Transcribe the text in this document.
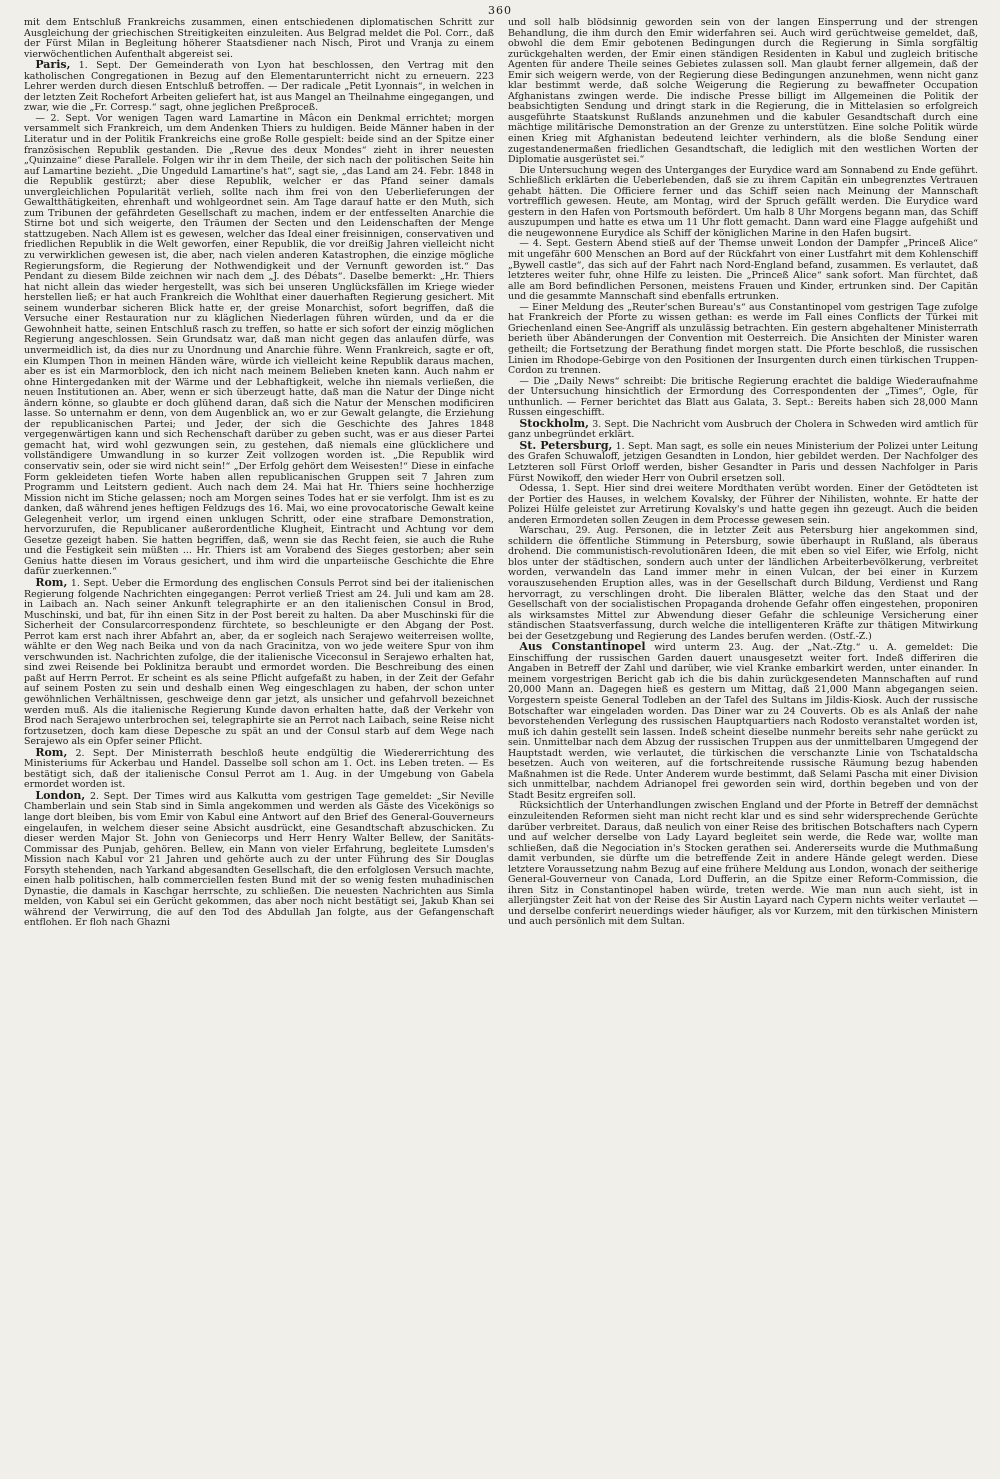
360

mit dem Entschluß Frankreichs zusammen, einen entschiedenen diplomatischen Schritt zur Ausgleichung der griechischen Streitigkeiten einzuleiten. Aus Belgrad meldet die Pol. Corr., daß der Fürst Milan in Begleitung höherer Staatsdiener nach Nisch, Pirot und Vranja zu einem vierwöchentlichen Aufenthalt abgereist sei.

Paris, 1. Sept. Der Gemeinderath von Lyon hat beschlossen, den Vertrag mit den katholischen Congregationen in Bezug auf den Elementarunterricht nicht zu erneuern. 223 Lehrer werden durch diesen Entschluß betroffen. — Der radicale „Petit Lyonnais“, in welchen in der letzten Zeit Rochefort Arbeiten geliefert hat, ist aus Mangel an Theilnahme eingegangen, und zwar, wie die „Fr. Corresp.“ sagt, ohne jeglichen Preßproceß.

— 2. Sept. Vor wenigen Tagen ward Lamartine in Mâcon ein Denkmal errichtet; morgen versammelt sich Frankreich, um dem Andenken Thiers zu huldigen. Beide Männer haben in der Literatur und in der Politik Frankreichs eine große Rolle gespielt: beide sind an der Spitze einer französischen Republik gestanden. Die „Revue des deux Mondes“ zieht in ihrer neuesten „Quinzaine“ diese Parallele. Folgen wir ihr in dem Theile, der sich nach der politischen Seite hin auf Lamartine bezieht. „Die Ungeduld Lamartine's hat“, sagt sie, „das Land am 24. Febr. 1848 in die Republik gestürzt; aber diese Republik, welcher er das Pfand seiner damals unvergleichlichen Popularität verlieh, sollte nach ihm frei von den Ueberlieferungen der Gewaltthätigkeiten, ehrenhaft und wohlgeordnet sein. Am Tage darauf hatte er den Muth, sich zum Tribunen der gefährdeten Gesellschaft zu machen, indem er der entfesselten Anarchie die Stirne bot und sich weigerte, den Träumen der Secten und den Leidenschaften der Menge stattzugeben. Nach Allem ist es gewesen, welcher das Ideal einer freisinnigen, conservativen und friedlichen Republik in die Welt geworfen, einer Republik, die vor dreißig Jahren vielleicht nicht zu verwirklichen gewesen ist, die aber, nach vielen anderen Katastrophen, die einzige mögliche Regierungsform, die Regierung der Nothwendigkeit und der Vernunft geworden ist.“ Das Pendant zu diesem Bilde zeichnen wir nach dem „J. des Débats“. Daselbe bemerkt: „Hr. Thiers hat nicht allein das wieder hergestellt, was sich bei unseren Unglücksfällen im Kriege wieder herstellen ließ; er hat auch Frankreich die Wohlthat einer dauerhaften Regierung gesichert. Mit seinem wunderbar sicheren Blick hatte er, der greise Monarchist, sofort begriffen, daß die Versuche einer Restauration nur zu kläglichen Niederlagen führen würden, und da er die Gewohnheit hatte, seinen Entschluß rasch zu treffen, so hatte er sich sofort der einzig möglichen Regierung angeschlossen. Sein Grundsatz war, daß man nicht gegen das anlaufen dürfe, was unvermeidlich ist, da dies nur zu Unordnung und Anarchie führe. Wenn Frankreich, sagte er oft, ein Klumpen Thon in meinen Händen wäre, würde ich vielleicht keine Republik daraus machen, aber es ist ein Marmorblock, den ich nicht nach meinem Belieben kneten kann. Auch nahm er ohne Hintergedanken mit der Wärme und der Lebhaftigkeit, welche ihn niemals verließen, die neuen Institutionen an. Aber, wenn er sich überzeugt hatte, daß man die Natur der Dinge nicht ändern könne, so glaubte er doch glühend daran, daß sich die Natur der Menschen modificiren lasse. So unternahm er denn, von dem Augenblick an, wo er zur Gewalt gelangte, die Erziehung der republicanischen Partei; und Jeder, der sich die Geschichte des Jahres 1848 vergegenwärtigen kann und sich Rechenschaft darüber zu geben sucht, was er aus dieser Partei gemacht hat, wird wohl gezwungen sein, zu gestehen, daß niemals eine glücklichere und vollständigere Umwandlung in so kurzer Zeit vollzogen worden ist. „Die Republik wird conservativ sein, oder sie wird nicht sein!“ „Der Erfolg gehört dem Weisesten!“ Diese in einfache Form gekleideten tiefen Worte haben allen republicanischen Gruppen seit 7 Jahren zum Programm und Leitstern gedient. Auch nach dem 24. Mai hat Hr. Thiers seine hochherzige Mission nicht im Stiche gelassen; noch am Morgen seines Todes hat er sie verfolgt. Ihm ist es zu danken, daß während jenes heftigen Feldzugs des 16. Mai, wo eine provocatorische Gewalt keine Gelegenheit verlor, um irgend einen unklugen Schritt, oder eine strafbare Demonstration, hervorzurufen, die Republicaner außerordentliche Klugheit, Eintracht und Achtung vor dem Gesetze gezeigt haben. Sie hatten begriffen, daß, wenn sie das Recht feien, sie auch die Ruhe und die Festigkeit sein müßten ... Hr. Thiers ist am Vorabend des Sieges gestorben; aber sein Genius hatte diesen im Voraus gesichert, und ihm wird die unparteiische Geschichte die Ehre dafür zuerkennen.“

Rom, 1. Sept. Ueber die Ermordung des englischen Consuls Perrot sind bei der italienischen Regierung folgende Nachrichten eingegangen: Perrot verließ Triest am 24. Juli und kam am 28. in Laibach an. Nach seiner Ankunft telegraphirte er an den italienischen Consul in Brod, Muschinski, und bat, für ihn einen Sitz in der Post bereit zu halten. Da aber Muschinski für die Sicherheit der Consularcorrespondenz fürchtete, so beschleunigte er den Abgang der Post. Perrot kam erst nach ihrer Abfahrt an, aber, da er sogleich nach Serajewo weiterreisen wollte, wählte er den Weg nach Beika und von da nach Gracinitza, von wo jede weitere Spur von ihm verschwunden ist. Nachrichten zufolge, die der italienische Viceconsul in Serajewo erhalten hat, sind zwei Reisende bei Poklinitza beraubt und ermordet worden. Die Beschreibung des einen paßt auf Herrn Perrot. Er scheint es als seine Pflicht aufgefaßt zu haben, in der Zeit der Gefahr auf seinem Posten zu sein und deshalb einen Weg eingeschlagen zu haben, der schon unter gewöhnlichen Verhältnissen, geschweige denn gar jetzt, als unsicher und gefahrvoll bezeichnet werden muß. Als die italienische Regierung Kunde davon erhalten hatte, daß der Verkehr von Brod nach Serajewo unterbrochen sei, telegraphirte sie an Perrot nach Laibach, seine Reise nicht fortzusetzen, doch kam diese Depesche zu spät an und der Consul starb auf dem Wege nach Serajewo als ein Opfer seiner Pflicht.

Rom, 2. Sept. Der Ministerrath beschloß heute endgültig die Wiedererrichtung des Ministeriums für Ackerbau und Handel. Dasselbe soll schon am 1. Oct. ins Leben treten. — Es bestätigt sich, daß der italienische Consul Perrot am 1. Aug. in der Umgebung von Gabela ermordet worden ist.

London, 2. Sept. Der Times wird aus Kalkutta vom gestrigen Tage gemeldet: „Sir Neville Chamberlain und sein Stab sind in Simla angekommen und werden als Gäste des Vicekönigs so lange dort bleiben, bis vom Emir von Kabul eine Antwort auf den Brief des General-Gouverneurs eingelaufen, in welchem dieser seine Absicht ausdrückt, eine Gesandtschaft abzuschicken. Zu dieser werden Major St. John von Geniecorps und Herr Henry Walter Bellew, der Sanitäts-Commissar des Punjab, gehören. Bellew, ein Mann von vieler Erfahrung, begleitete Lumsden's Mission nach Kabul vor 21 Jahren und gehörte auch zu der unter Führung des Sir Douglas Forsyth stehenden, nach Yarkand abgesandten Gesellschaft, die den erfolglosen Versuch machte, einen halb politischen, halb commerciellen festen Bund mit der so wenig festen muhadinischen Dynastie, die damals in Kaschgar herrschte, zu schließen. Die neuesten Nachrichten aus Simla melden, von Kabul sei ein Gerücht gekommen, das aber noch nicht bestätigt sei, Jakub Khan sei während der Verwirrung, die auf den Tod des Abdullah Jan folgte, aus der Gefangenschaft entflohen. Er floh nach Ghazni

und soll halb blödsinnig geworden sein von der langen Einsperrung und der strengen Behandlung, die ihm durch den Emir widerfahren sei. Auch wird gerüchtweise gemeldet, daß, obwohl die dem Emir gebotenen Bedingungen durch die Regierung in Simla sorgfältig zurückgehalten werden, der Emir einen ständigen Residenten in Kabul und zugleich britische Agenten für andere Theile seines Gebietes zulassen soll. Man glaubt ferner allgemein, daß der Emir sich weigern werde, von der Regierung diese Bedingungen anzunehmen, wenn nicht ganz klar bestimmt werde, daß solche Weigerung die Regierung zu bewaffneter Occupation Afghanistans zwingen werde. Die indische Presse billigt im Allgemeinen die Politik der beabsichtigten Sendung und dringt stark in die Regierung, die in Mittelasien so erfolgreich ausgeführte Staatskunst Rußlands anzunehmen und die kabuler Gesandtschaft durch eine mächtige militärische Demonstration an der Grenze zu unterstützen. Eine solche Politik würde einen Krieg mit Afghanistan bedeutend leichter verhindern, als die bloße Sendung einer zugestandenermaßen friedlichen Gesandtschaft, die lediglich mit den westlichen Worten der Diplomatie ausgerüstet sei.“

Die Untersuchung wegen des Unterganges der Eurydice ward am Sonnabend zu Ende geführt. Schließlich erklärten die Ueberlebenden, daß sie zu ihrem Capitän ein unbegrenztes Vertrauen gehabt hätten. Die Officiere ferner und das Schiff seien nach Meinung der Mannschaft vortrefflich gewesen. Heute, am Montag, wird der Spruch gefällt werden. Die Eurydice ward gestern in den Hafen von Portsmouth befördert. Um halb 8 Uhr Morgens begann man, das Schiff auszupumpen und hatte es etwa um 11 Uhr flott gemacht. Dann ward eine Flagge aufgehißt und die neugewonnene Eurydice als Schiff der königlichen Marine in den Hafen bugsirt.

— 4. Sept. Gestern Abend stieß auf der Themse unweit London der Dampfer „Princeß Alice“ mit ungefähr 600 Menschen an Bord auf der Rückfahrt von einer Lustfahrt mit dem Kohlenschiff „Bywell castle“, das sich auf der Fahrt nach Nord-England befand, zusammen. Es verlautet, daß letzteres weiter fuhr, ohne Hilfe zu leisten. Die „Princeß Alice“ sank sofort. Man fürchtet, daß alle am Bord befindlichen Personen, meistens Frauen und Kinder, ertrunken sind. Der Capitän und die gesammte Mannschaft sind ebenfalls ertrunken.

— Einer Meldung des „Reuter'schen Bureau's“ aus Constantinopel vom gestrigen Tage zufolge hat Frankreich der Pforte zu wissen gethan: es werde im Fall eines Conflicts der Türkei mit Griechenland einen See-Angriff als unzulässig betrachten. Ein gestern abgehaltener Ministerrath berieth über Abänderungen der Convention mit Oesterreich. Die Ansichten der Minister waren getheilt; die Fortsetzung der Berathung findet morgen statt. Die Pforte beschloß, die russischen Linien im Rhodope-Gebirge von den Positionen der Insurgenten durch einen türkischen Truppen-Cordon zu trennen.

— Die „Daily News“ schreibt: Die britische Regierung erachtet die baldige Wiederaufnahme der Untersuchung hinsichtlich der Ermordung des Correspondenten der „Times“, Ogle, für unthunlich. — Ferner berichtet das Blatt aus Galata, 3. Sept.: Bereits haben sich 28,000 Mann Russen eingeschifft.

Stockholm, 3. Sept. Die Nachricht vom Ausbruch der Cholera in Schweden wird amtlich für ganz unbegründet erklärt.

St. Petersburg, 1. Sept. Man sagt, es solle ein neues Ministerium der Polizei unter Leitung des Grafen Schuwaloff, jetzigen Gesandten in London, hier gebildet werden. Der Nachfolger des Letzteren soll Fürst Orloff werden, bisher Gesandter in Paris und dessen Nachfolger in Paris Fürst Nowikoff, den wieder Herr von Oubril ersetzen soll.

Odessa, 1. Sept. Hier sind drei weitere Mordthaten verübt worden. Einer der Getödteten ist der Portier des Hauses, in welchem Kovalsky, der Führer der Nihilisten, wohnte. Er hatte der Polizei Hülfe geleistet zur Arretirung Kovalsky's und hatte gegen ihn gezeugt. Auch die beiden anderen Ermordeten sollen Zeugen in dem Processe gewesen sein.

Warschau, 29. Aug. Personen, die in letzter Zeit aus Petersburg hier angekommen sind, schildern die öffentliche Stimmung in Petersburg, sowie überhaupt in Rußland, als überaus drohend. Die communistisch-revolutionären Ideen, die mit eben so viel Eifer, wie Erfolg, nicht blos unter der städtischen, sondern auch unter der ländlichen Arbeiterbevölkerung, verbreitet worden, verwandeln das Land immer mehr in einen Vulcan, der bei einer in Kurzem vorauszusehenden Eruption alles, was in der Gesellschaft durch Bildung, Verdienst und Rang hervorragt, zu verschlingen droht. Die liberalen Blätter, welche das den Staat und der Gesellschaft von der socialistischen Propaganda drohende Gefahr offen eingestehen, proponiren als wirksamstes Mittel zur Abwendung dieser Gefahr die schleunige Versicherung einer ständischen Staatsverfassung, durch welche die intelligenteren Kräfte zur thätigen Mitwirkung bei der Gesetzgebung und Regierung des Landes berufen werden. (Ostf.-Z.)

Aus Constantinopel wird unterm 23. Aug. der „Nat.-Ztg.“ u. A. gemeldet: Die Einschiffung der russischen Garden dauert unausgesetzt weiter fort. Indeß differiren die Angaben in Betreff der Zahl und darüber, wie viel Kranke embarkirt werden, unter einander. In meinem vorgestrigen Bericht gab ich die bis dahin zurückgesendeten Mannschaften auf rund 20,000 Mann an. Dagegen hieß es gestern um Mittag, daß 21,000 Mann abgegangen seien. Vorgestern speiste General Todleben an der Tafel des Sultans im Jildis-Kiosk. Auch der russische Botschafter war eingeladen worden. Das Diner war zu 24 Couverts. Ob es als Anlaß der nahe bevorstehenden Verlegung des russischen Hauptquartiers nach Rodosto veranstaltet worden ist, muß ich dahin gestellt sein lassen. Indeß scheint dieselbe nunmehr bereits sehr nahe gerückt zu sein. Unmittelbar nach dem Abzug der russischen Truppen aus der unmittelbaren Umgegend der Hauptstadt werden, wie verlautet, die türkischen die verschanzte Linie von Tschataldscha besetzen. Auch von weiteren, auf die fortschreitende russische Räumung bezug habenden Maßnahmen ist die Rede. Unter Anderem wurde bestimmt, daß Selami Pascha mit einer Division sich unmittelbar, nachdem Adrianopel frei geworden sein wird, dorthin begeben und von der Stadt Besitz ergreifen soll.

Rücksichtlich der Unterhandlungen zwischen England und der Pforte in Betreff der demnächst einzuleitenden Reformen sieht man nicht recht klar und es sind sehr widersprechende Gerüchte darüber verbreitet. Daraus, daß neulich von einer Reise des britischen Botschafters nach Cypern und auf welcher derselbe von Lady Layard begleitet sein werde, die Rede war, wollte man schließen, daß die Negociation in's Stocken gerathen sei. Andererseits wurde die Muthmaßung damit verbunden, sie dürfte um die betreffende Zeit in andere Hände gelegt werden. Diese letztere Voraussetzung nahm Bezug auf eine frühere Meldung aus London, wonach der seitherige General-Gouverneur von Canada, Lord Dufferin, an die Spitze einer Reform-Commission, die ihren Sitz in Constantinopel haben würde, treten werde. Wie man nun auch sieht, ist in allerjüngster Zeit hat von der Reise des Sir Austin Layard nach Cypern nichts weiter verlautet — und derselbe conferirt neuerdings wieder häufiger, als vor Kurzem, mit den türkischen Ministern und auch persönlich mit dem Sultan.
